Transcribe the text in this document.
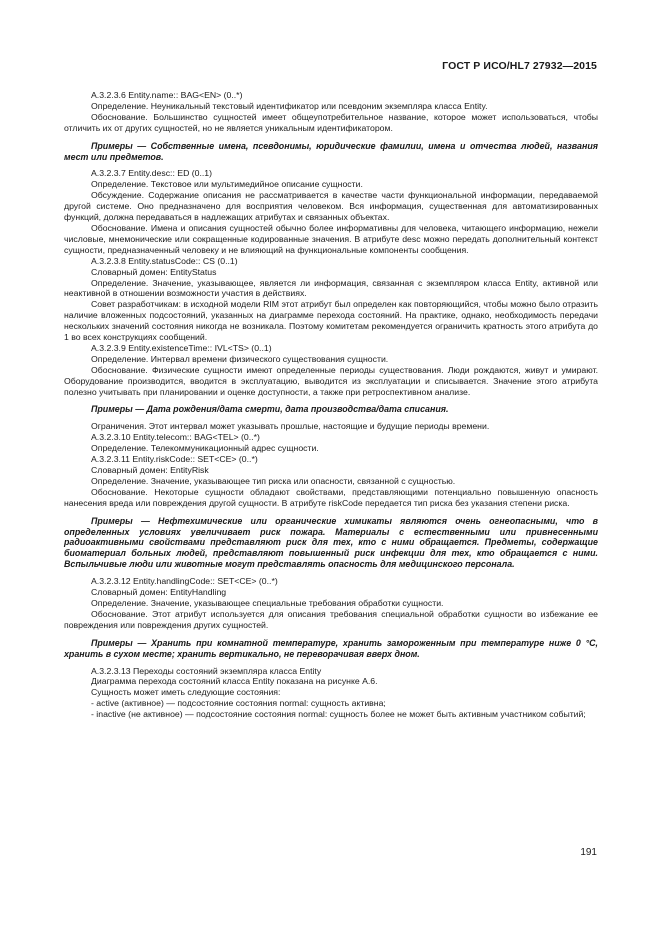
ГОСТ Р ИСО/HL7 27932—2015

A.3.2.3.6 Entity.name:: BAG<EN> (0..*)

Определение. Неуникальный текстовый идентификатор или псевдоним экземпляра класса Entity.

Обоснование. Большинство сущностей имеет общеупотребительное название, которое может использоваться, чтобы отличить их от других сущностей, но не является уникальным идентификатором.

Примеры — Собственные имена, псевдонимы, юридические фамилии, имена и отчества людей, названия мест или предметов.

A.3.2.3.7 Entity.desc:: ED (0..1)

Определение. Текстовое или мультимедийное описание сущности.

Обсуждение. Содержание описания не рассматривается в качестве части функциональной информации, передаваемой другой системе. Оно предназначено для восприятия человеком. Вся информация, существенная для автоматизированных функций, должна передаваться в надлежащих атрибутах и связанных объектах.

Обоснование. Имена и описания сущностей обычно более информативны для человека, читающего информацию, нежели числовые, мнемонические или сокращенные кодированные значения. В атрибуте desc можно передать дополнительный контекст сущности, предназначенный человеку и не влияющий на функциональные компоненты сообщения.

A.3.2.3.8 Entity.statusCode:: CS (0..1)

Словарный домен: EntityStatus

Определение. Значение, указывающее, является ли информация, связанная с экземпляром класса Entity, активной или неактивной в отношении возможности участия в действиях.

Совет разработчикам: в исходной модели RIM этот атрибут был определен как повторяющийся, чтобы можно было отразить наличие вложенных подсостояний, указанных на диаграмме перехода состояний. На практике, однако, необходимость передачи нескольких значений состояния никогда не возникала. Поэтому комитетам рекомендуется ограничить кратность этого атрибута до 1 во всех конструкциях сообщений.

A.3.2.3.9 Entity.existenceTime:: IVL<TS> (0..1)

Определение. Интервал времени физического существования сущности.

Обоснование. Физические сущности имеют определенные периоды существования. Люди рождаются, живут и умирают. Оборудование производится, вводится в эксплуатацию, выводится из эксплуатации и списывается. Значение этого атрибута полезно учитывать при планировании и оценке доступности, а также при ретроспективном анализе.

Примеры — Дата рождения/дата смерти, дата производства/дата списания.

Ограничения. Этот интервал может указывать прошлые, настоящие и будущие периоды времени.

A.3.2.3.10 Entity.telecom:: BAG<TEL> (0..*)

Определение. Телекоммуникационный адрес сущности.

A.3.2.3.11 Entity.riskCode:: SET<CE> (0..*)

Словарный домен: EntityRisk

Определение. Значение, указывающее тип риска или опасности, связанной с сущностью.

Обоснование. Некоторые сущности обладают свойствами, представляющими потенциально повышенную опасность нанесения вреда или повреждения другой сущности. В атрибуте riskCode передается тип риска без указания степени риска.

Примеры — Нефтехимические или органические химикаты являются очень огнеопасными, что в определенных условиях увеличивает риск пожара. Материалы с естественными или привнесенными радиоактивными свойствами представляют риск для тех, кто с ними обращается. Предметы, содержащие биоматериал больных людей, представляют повышенный риск инфекции для тех, кто обращается с ними. Вспыльчивые люди или животные могут представлять опасность для медицинского персонала.

A.3.2.3.12 Entity.handlingCode:: SET<CE> (0..*)

Словарный домен: EntityHandling

Определение. Значение, указывающее специальные требования обработки сущности.

Обоснование. Этот атрибут используется для описания требования специальной обработки сущности во избежание ее повреждения или повреждения других сущностей.

Примеры — Хранить при комнатной температуре, хранить замороженным при температуре ниже 0 °C, хранить в сухом месте; хранить вертикально, не переворачивая вверх дном.

A.3.2.3.13 Переходы состояний экземпляра класса Entity

Диаграмма перехода состояний класса Entity показана на рисунке А.6.

Сущность может иметь следующие состояния:

- active (активное) — подсостояние состояния normal: сущность активна;

- inactive (не активное) — подсостояние состояния normal: сущность более не может быть активным участником событий;

191
